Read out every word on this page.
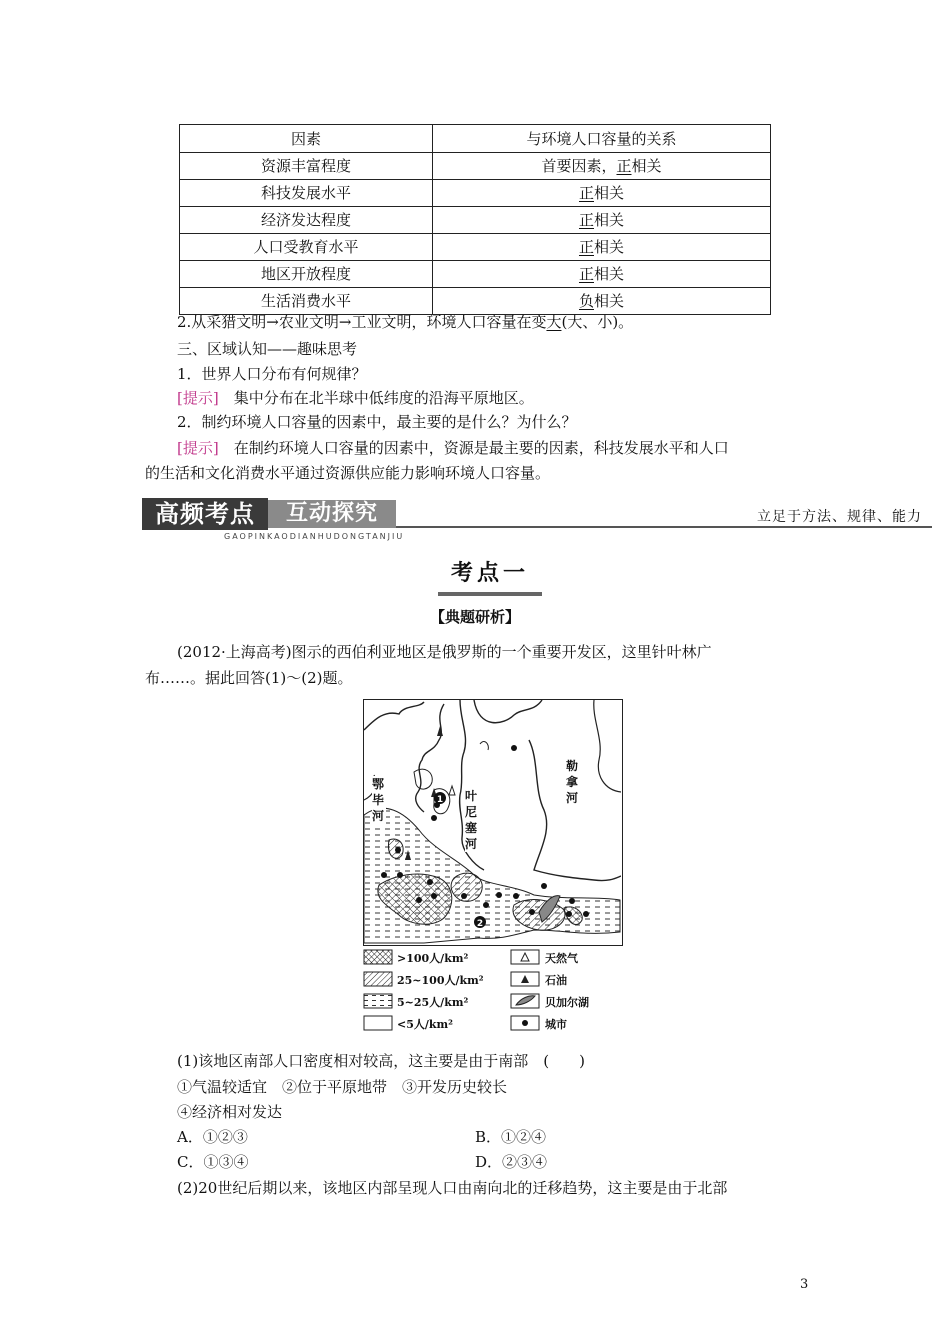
因素	与环境人口容量的关系
资源丰富程度	首要因素，正相关
科技发展水平	正相关
经济发达程度	正相关
人口受教育水平	正相关
地区开放程度	正相关
生活消费水平	负相关
2.从采猎文明→农业文明→工业文明，环境人口容量在变大(大、小)。
三、区域认知——趣味思考
1．世界人口分布有何规律？
[提示]　 集中分布在北半球中低纬度的沿海平原地区。
2．制约环境人口容量的因素中，最主要的是什么？为什么？
[提示]　 在制约环境人口容量的因素中，资源是最主要的因素，科技发展水平和人口
的生活和文化消费水平通过资源供应能力影响环境人口容量。
高频考点	互动探究
GAOPINKAODIANHUDONGTANJIU
立足于方法、规律、能力
考点一
【典题研析】
(2012·上海高考)图示的西伯利亚地区是俄罗斯的一个重要开发区，这里针叶林广
布……。据此回答(1)～(2)题。
1
2
鄂毕河
叶尼塞河
勒拿河
>100人/km²	天然气
25~100人/km²	石油
5~25人/km²	贝加尔湖
<5人/km²	城市
(1)该地区南部人口密度相对较高，这主要是由于南部　(　　)
①气温较适宜　②位于平原地带　③开发历史较长
④经济相对发达
A．①②③	B．①②④
C．①③④	D．②③④
(2)20世纪后期以来，该地区内部呈现人口由南向北的迁移趋势，这主要是由于北部
3
